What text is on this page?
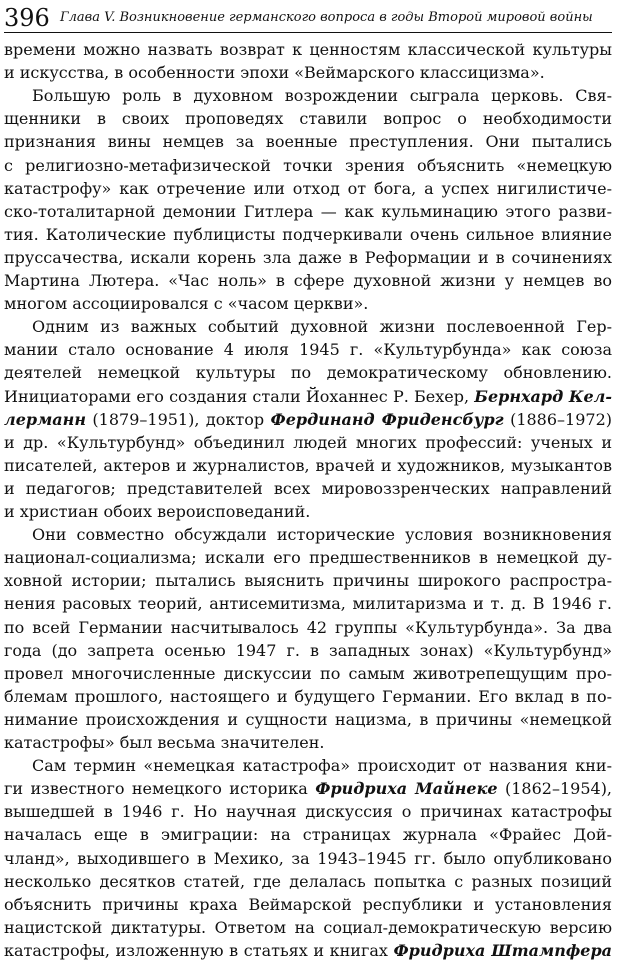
396 Глава V. Возникновение германского вопроса в годы Второй мировой войны
времени можно назвать возврат к ценностям классической культуры
и искусства, в особенности эпохи «Веймарского классицизма».
Большую роль в духовном возрождении сыграла церковь. Свя-
щенники в своих проповедях ставили вопрос о необходимости
признания вины немцев за военные преступления. Они пытались
с религиозно-метафизической точки зрения объяснить «немецкую
катастрофу» как отречение или отход от бога, а успех нигилистиче-
ско-тоталитарной демонии Гитлера — как кульминацию этого разви-
тия. Католические публицисты подчеркивали очень сильное влияние
пруссачества, искали корень зла даже в Реформации и в сочинениях
Мартина Лютера. «Час ноль» в сфере духовной жизни у немцев во
многом ассоциировался с «часом церкви».
Одним из важных событий духовной жизни послевоенной Гер-
мании стало основание 4 июля 1945 г. «Культурбунда» как союза
деятелей немецкой культуры по демократическому обновлению.
Инициаторами его создания стали Йоханнес Р. Бехер, Бернхард Кел-
лерманн (1879–1951), доктор Фердинанд Фриденсбург (1886–1972)
и др. «Культурбунд» объединил людей многих профессий: ученых и
писателей, актеров и журналистов, врачей и художников, музыкантов
и педагогов; представителей всех мировоззренческих направлений
и христиан обоих вероисповеданий.
Они совместно обсуждали исторические условия возникновения
национал-социализма; искали его предшественников в немецкой ду-
ховной истории; пытались выяснить причины широкого распростра-
нения расовых теорий, антисемитизма, милитаризма и т. д. В 1946 г.
по всей Германии насчитывалось 42 группы «Культурбунда». За два
года (до запрета осенью 1947 г. в западных зонах) «Культурбунд»
провел многочисленные дискуссии по самым животрепещущим про-
блемам прошлого, настоящего и будущего Германии. Его вклад в по-
нимание происхождения и сущности нацизма, в причины «немецкой
катастрофы» был весьма значителен.
Сам термин «немецкая катастрофа» происходит от названия кни-
ги известного немецкого историка Фридриха Майнеке (1862–1954),
вышедшей в 1946 г. Но научная дискуссия о причинах катастрофы
началась еще в эмиграции: на страницах журнала «Фрайес Дой-
чланд», выходившего в Мехико, за 1943–1945 гг. было опубликовано
несколько десятков статей, где делалась попытка с разных позиций
объяснить причины краха Веймарской республики и установления
нацистской диктатуры. Ответом на социал-демократическую версию
катастрофы, изложенную в статьях и книгах Фридриха Штампфера
